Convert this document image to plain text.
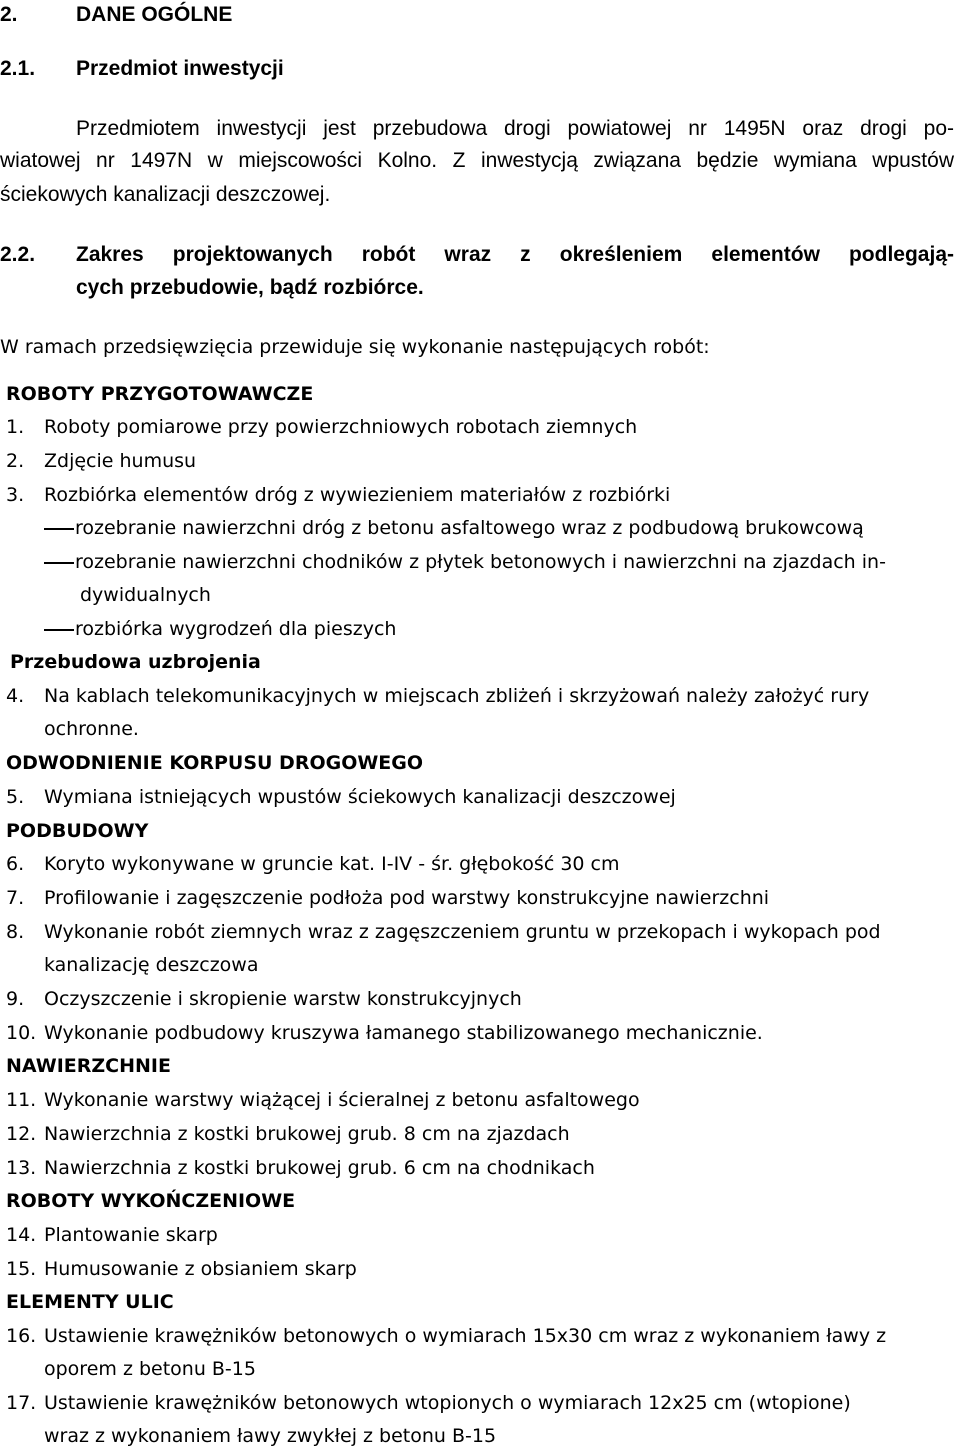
2.	DANE OGÓLNE
2.1. Przedmiot inwestycji
Przedmiotem inwestycji jest przebudowa drogi powiatowej nr 1495N oraz drogi po-
wiatowej nr 1497N w miejscowości Kolno. Z inwestycją związana będzie wymiana wpustów
ściekowych kanalizacji deszczowej.
2.2. Zakres projektowanych robót wraz z określeniem elementów podlegają-
cych przebudowie, bądź rozbiórce.
W ramach przedsięwzięcia przewiduje się wykonanie następujących robót:
ROBOTY PRZYGOTOWAWCZE
1. Roboty pomiarowe przy powierzchniowych robotach ziemnych
2. Zdjęcie humusu
3. Rozbiórka elementów dróg z wywiezieniem materiałów z rozbiórki
rozebranie nawierzchni dróg z betonu asfaltowego wraz z podbudową brukowcową
rozebranie nawierzchni chodników z płytek betonowych i nawierzchni na zjazdach in-
dywidualnych
rozbiórka wygrodzeń dla pieszych
Przebudowa uzbrojenia
4. Na kablach telekomunikacyjnych w miejscach zbliżeń i skrzyżowań należy założyć rury
ochronne.
ODWODNIENIE KORPUSU DROGOWEGO
5. Wymiana istniejących wpustów ściekowych kanalizacji deszczowej
PODBUDOWY
6. Koryto wykonywane w gruncie kat. I-IV - śr. głębokość 30 cm
7. Profilowanie i zagęszczenie podłoża pod warstwy konstrukcyjne nawierzchni
8. Wykonanie robót ziemnych wraz z zagęszczeniem gruntu w przekopach i wykopach pod
kanalizację deszczowa
9. Oczyszczenie i skropienie warstw konstrukcyjnych
10. Wykonanie podbudowy kruszywa łamanego stabilizowanego mechanicznie.
NAWIERZCHNIE
11. Wykonanie warstwy wiążącej i ścieralnej z betonu asfaltowego
12. Nawierzchnia z kostki brukowej grub. 8 cm na zjazdach
13. Nawierzchnia z kostki brukowej grub. 6 cm na chodnikach
ROBOTY WYKOŃCZENIOWE
14. Plantowanie skarp
15. Humusowanie z obsianiem skarp
ELEMENTY ULIC
16. Ustawienie krawężników betonowych o wymiarach 15x30 cm wraz z wykonaniem ławy z
oporem z betonu B-15
17. Ustawienie krawężników betonowych wtopionych o wymiarach 12x25 cm (wtopione)
wraz z wykonaniem ławy zwykłej z betonu B-15
